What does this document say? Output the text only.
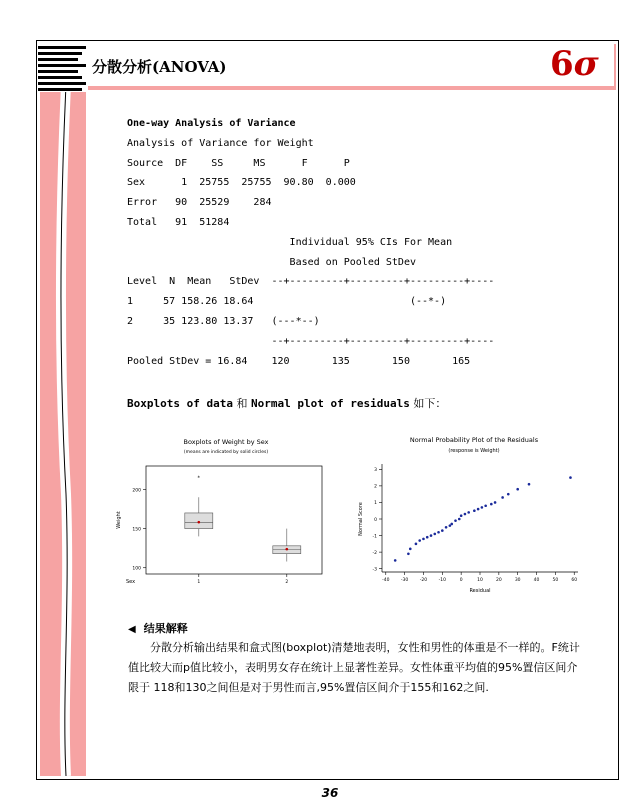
分散分析(ANOVA)	6σ
One-way Analysis of Variance
Analysis of Variance for Weight
Source  DF    SS     MS      F      P
Sex      1  25755  25755  90.80  0.000
Error   90  25529    284
Total   91  51284
Individual 95% CIs For Mean
Based on Pooled StDev
Level  N  Mean   StDev  --+---------+---------+---------+----
1     57 158.26 18.64                          (--*-)
2     35 123.80 13.37   (---*--)
--+---------+---------+---------+----
Pooled StDev = 16.84    120       135       150       165
Boxplots of data 和 Normal plot of residuals 如下：
Boxplots of Weight by Sex
(means are indicated by solid circles)
100
150
200
Weight
Sex
*
1	2
Normal Probability Plot of the Residuals
(response is Weight)
-3
-2
-1
0
1
2
3
-40	-30	-20	-10	0	10	20	30	40	50	60
Normal Score
Residual
◀ 结果解释
分散分析输出结果和盒式图(boxplot)清楚地表明，女性和男性的体重是不一样的。F统计值比较大而p值比较小，表明男女存在统计上显著性差异。女性体重平均值的95%置信区间介限于 118和130之间但是对于男性而言,95%置信区间介于155和162之间.
36
